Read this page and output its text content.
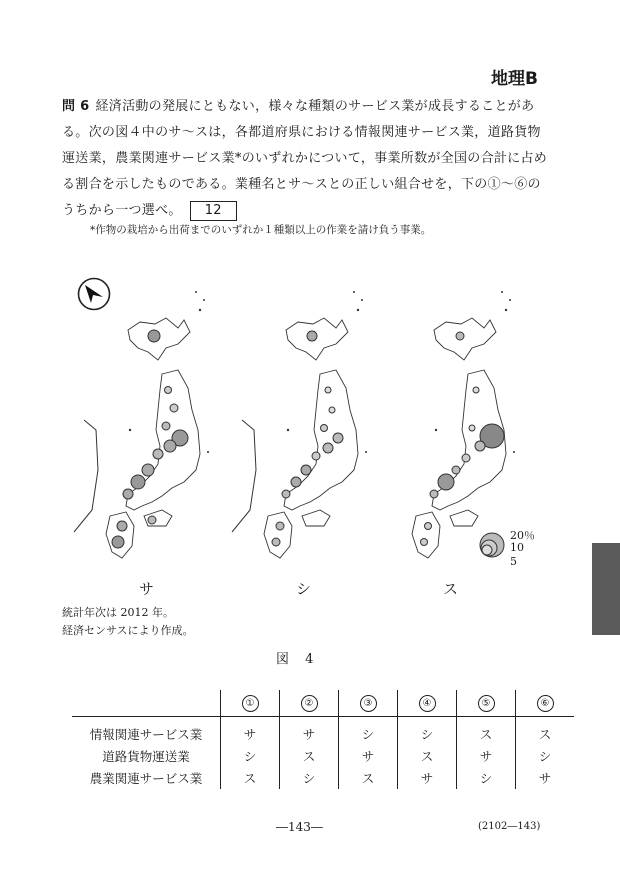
地理B
問 6 経済活動の発展にともない，様々な種類のサービス業が成長することがある。次の図４中のサ～スは，各都道府県における情報関連サービス業，道路貨物運送業，農業関連サービス業*のいずれかについて，事業所数が全国の合計に占める割合を示したものである。業種名とサ～スとの正しい組合せを，下の①～⑥のうちから一つ選べ。 12
*作物の栽培から出荷までのいずれか１種類以上の作業を請け負う事業。
サ	シ	ス
20％
10
5
統計年次は 2012 年。
経済センサスにより作成。
図 4
	①	②	③	④	⑤	⑥
情報関連サービス業	サ	サ	シ	シ	ス	ス
道路貨物運送業	シ	ス	サ	ス	サ	シ
農業関連サービス業	ス	シ	ス	サ	シ	サ
―143―	(2102―143)
